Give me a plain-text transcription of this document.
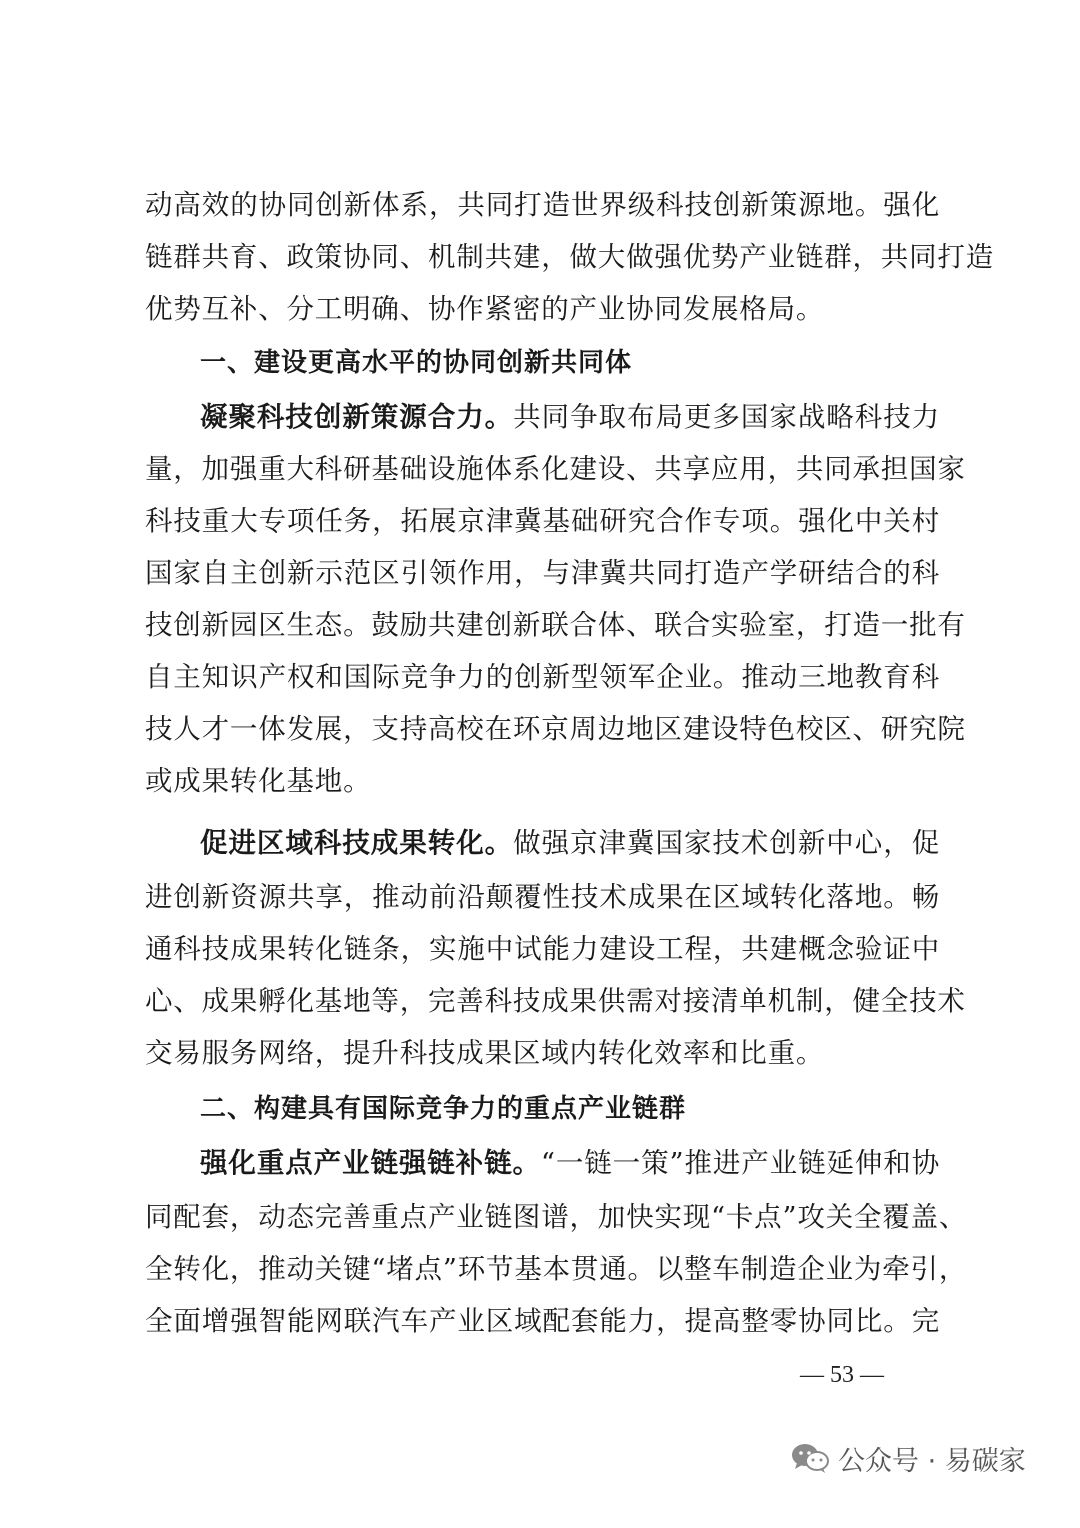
动高效的协同创新体系，共同打造世界级科技创新策源地。强化
链群共育、政策协同、机制共建，做大做强优势产业链群，共同打造
优势互补、分工明确、协作紧密的产业协同发展格局。
一、建设更高水平的协同创新共同体
凝聚科技创新策源合力。共同争取布局更多国家战略科技力
量，加强重大科研基础设施体系化建设、共享应用，共同承担国家
科技重大专项任务，拓展京津冀基础研究合作专项。强化中关村
国家自主创新示范区引领作用，与津冀共同打造产学研结合的科
技创新园区生态。鼓励共建创新联合体、联合实验室，打造一批有
自主知识产权和国际竞争力的创新型领军企业。推动三地教育科
技人才一体发展，支持高校在环京周边地区建设特色校区、研究院
或成果转化基地。
促进区域科技成果转化。做强京津冀国家技术创新中心，促
进创新资源共享，推动前沿颠覆性技术成果在区域转化落地。畅
通科技成果转化链条，实施中试能力建设工程，共建概念验证中
心、成果孵化基地等，完善科技成果供需对接清单机制，健全技术
交易服务网络，提升科技成果区域内转化效率和比重。
二、构建具有国际竞争力的重点产业链群
强化重点产业链强链补链。“一链一策”推进产业链延伸和协
同配套，动态完善重点产业链图谱，加快实现“卡点”攻关全覆盖、
全转化，推动关键“堵点”环节基本贯通。以整车制造企业为牵引，
全面增强智能网联汽车产业区域配套能力，提高整零协同比。完
— 53 —
公众号 · 易碳家
